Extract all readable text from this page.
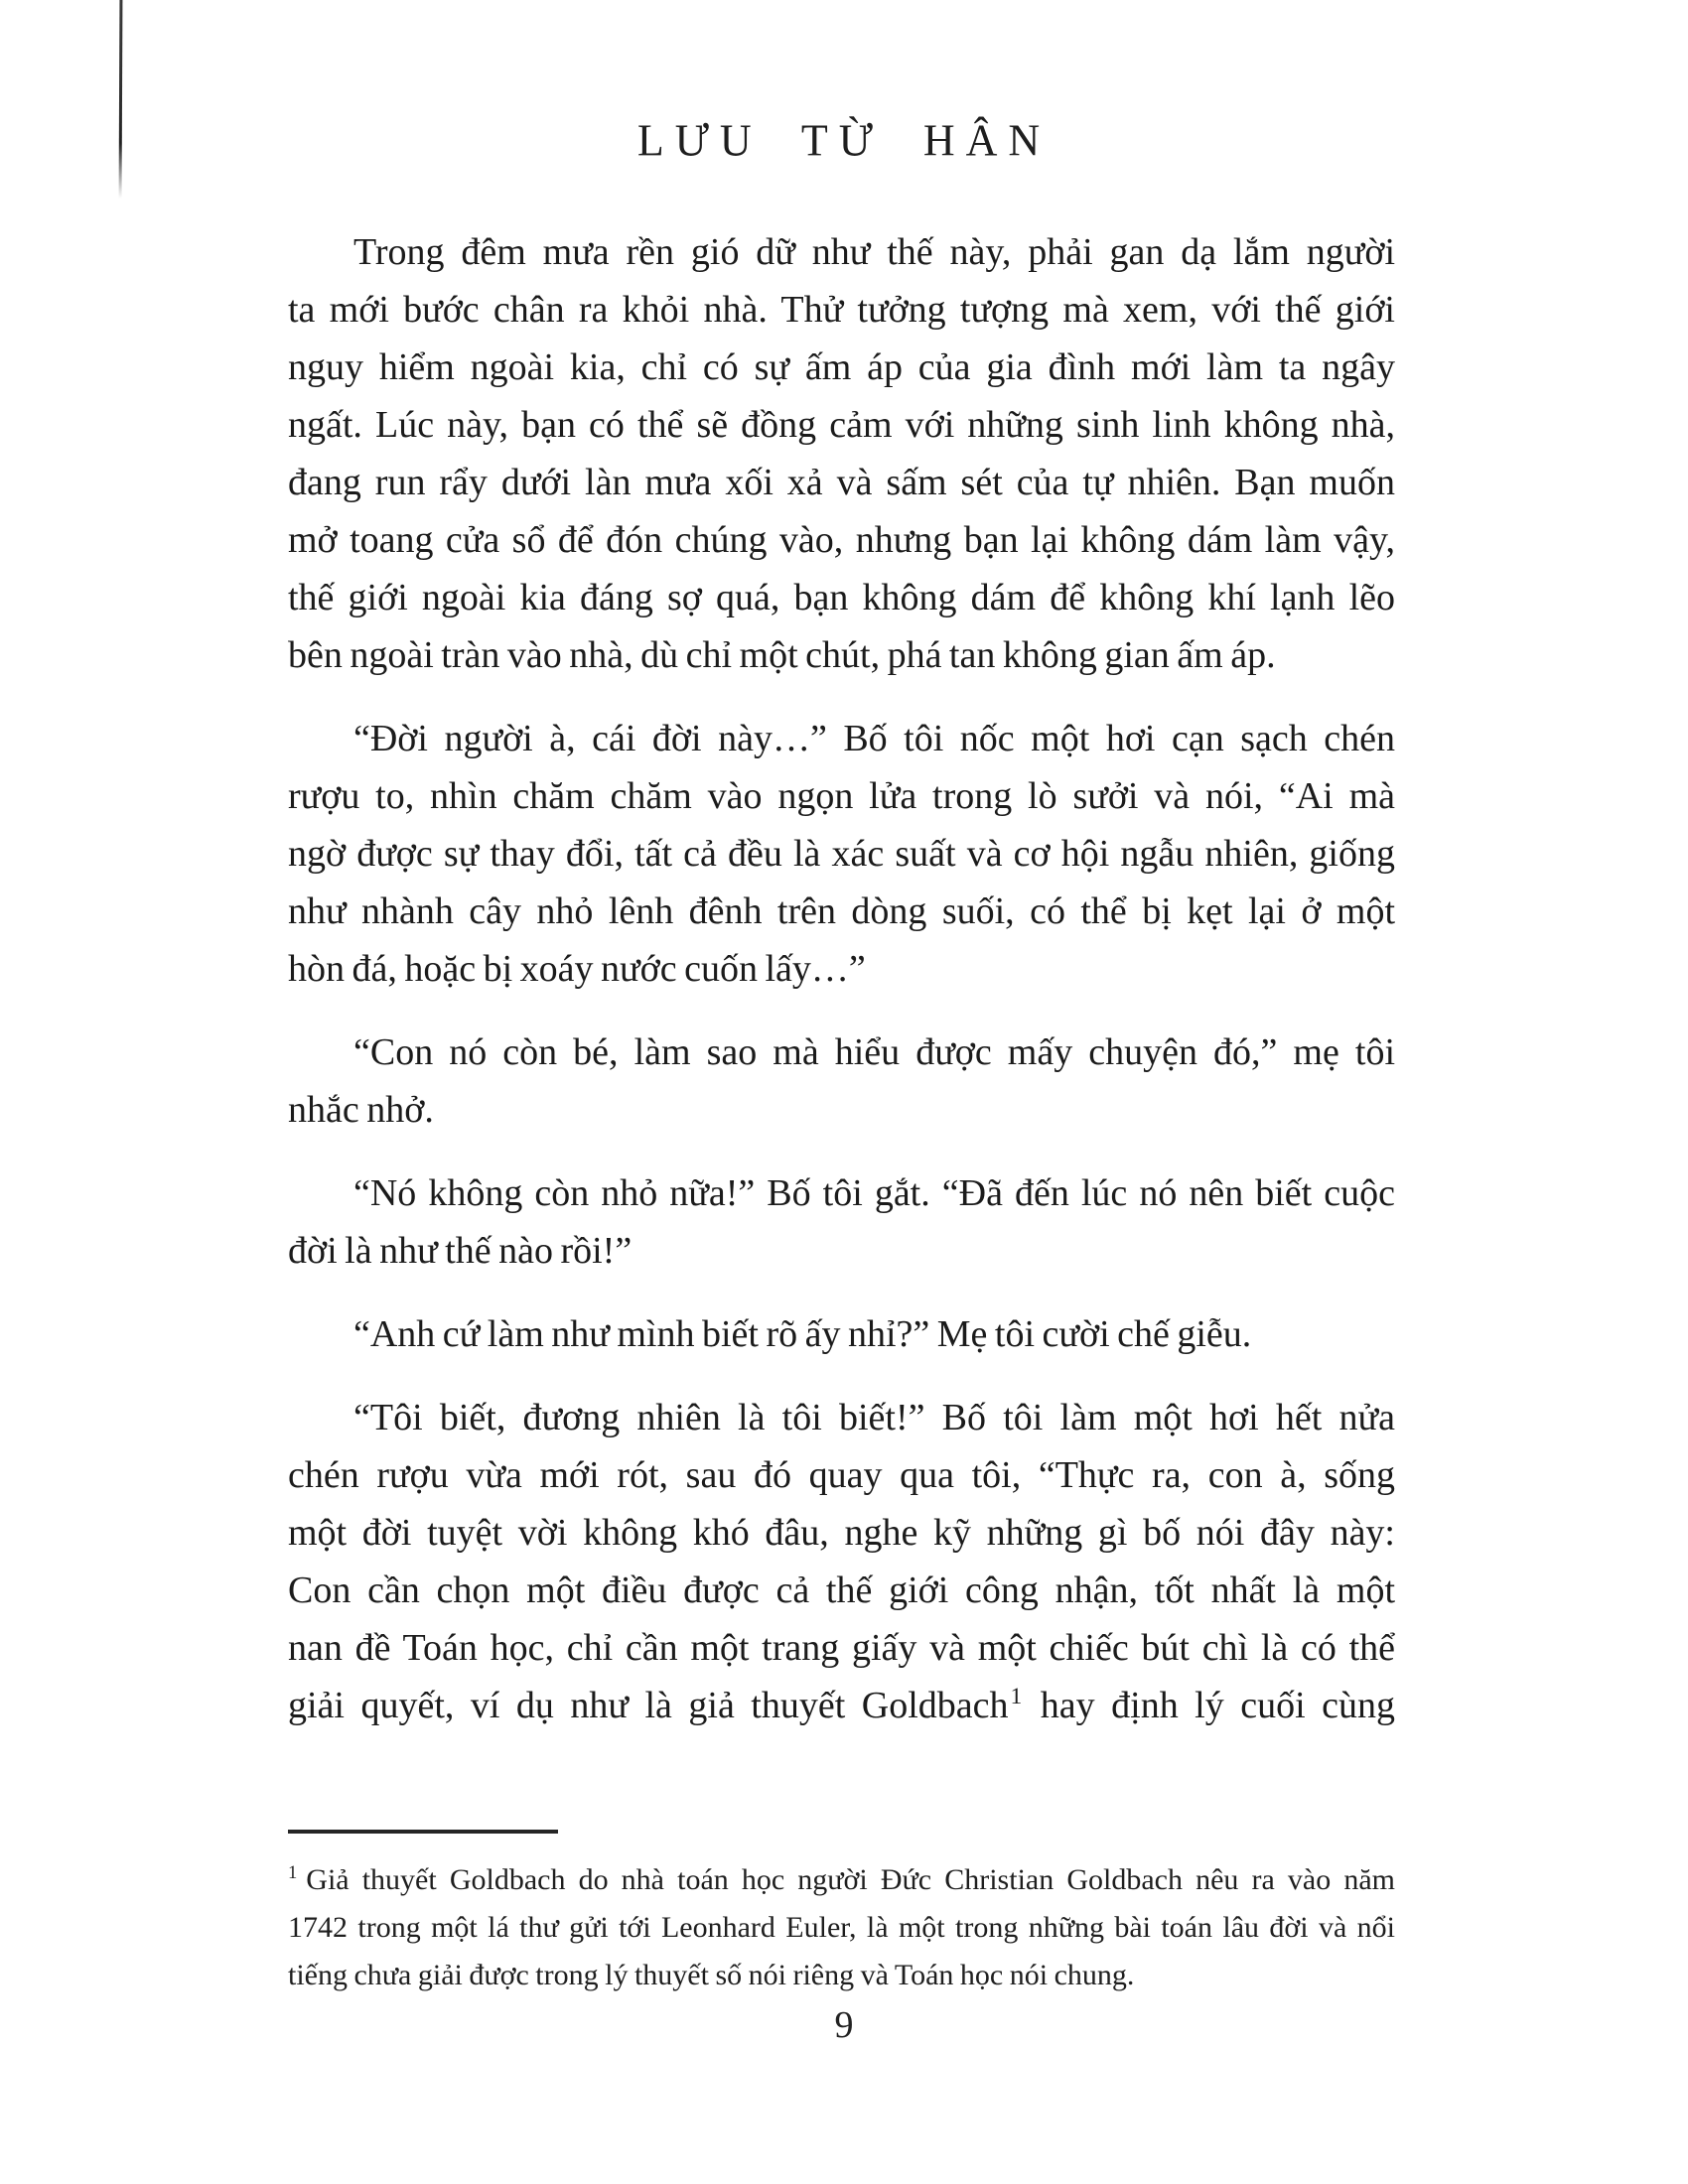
LƯU TỪ HÂN
Trong đêm mưa rền gió dữ như thế này, phải gan dạ lắm người
ta mới bước chân ra khỏi nhà. Thử tưởng tượng mà xem, với thế giới
nguy hiểm ngoài kia, chỉ có sự ấm áp của gia đình mới làm ta ngây
ngất. Lúc này, bạn có thể sẽ đồng cảm với những sinh linh không nhà,
đang run rẩy dưới làn mưa xối xả và sấm sét của tự nhiên. Bạn muốn
mở toang cửa sổ để đón chúng vào, nhưng bạn lại không dám làm vậy,
thế giới ngoài kia đáng sợ quá, bạn không dám để không khí lạnh lẽo
bên ngoài tràn vào nhà, dù chỉ một chút, phá tan không gian ấm áp.
“Đời người à, cái đời này…” Bố tôi nốc một hơi cạn sạch chén
rượu to, nhìn chăm chăm vào ngọn lửa trong lò sưởi và nói, “Ai mà
ngờ được sự thay đổi, tất cả đều là xác suất và cơ hội ngẫu nhiên, giống
như nhành cây nhỏ lênh đênh trên dòng suối, có thể bị kẹt lại ở một
hòn đá, hoặc bị xoáy nước cuốn lấy…”
“Con nó còn bé, làm sao mà hiểu được mấy chuyện đó,” mẹ tôi
nhắc nhở.
“Nó không còn nhỏ nữa!” Bố tôi gắt. “Đã đến lúc nó nên biết cuộc
đời là như thế nào rồi!”
“Anh cứ làm như mình biết rõ ấy nhỉ?” Mẹ tôi cười chế giễu.
“Tôi biết, đương nhiên là tôi biết!” Bố tôi làm một hơi hết nửa
chén rượu vừa mới rót, sau đó quay qua tôi, “Thực ra, con à, sống
một đời tuyệt vời không khó đâu, nghe kỹ những gì bố nói đây này:
Con cần chọn một điều được cả thế giới công nhận, tốt nhất là một
nan đề Toán học, chỉ cần một trang giấy và một chiếc bút chì là có thể
giải quyết, ví dụ như là giả thuyết Goldbach$^1$ hay định lý cuối cùng
$^1$ Giả thuyết Goldbach do nhà toán học người Đức Christian Goldbach nêu ra vào năm
1742 trong một lá thư gửi tới Leonhard Euler, là một trong những bài toán lâu đời và nổi
tiếng chưa giải được trong lý thuyết số nói riêng và Toán học nói chung.
9
